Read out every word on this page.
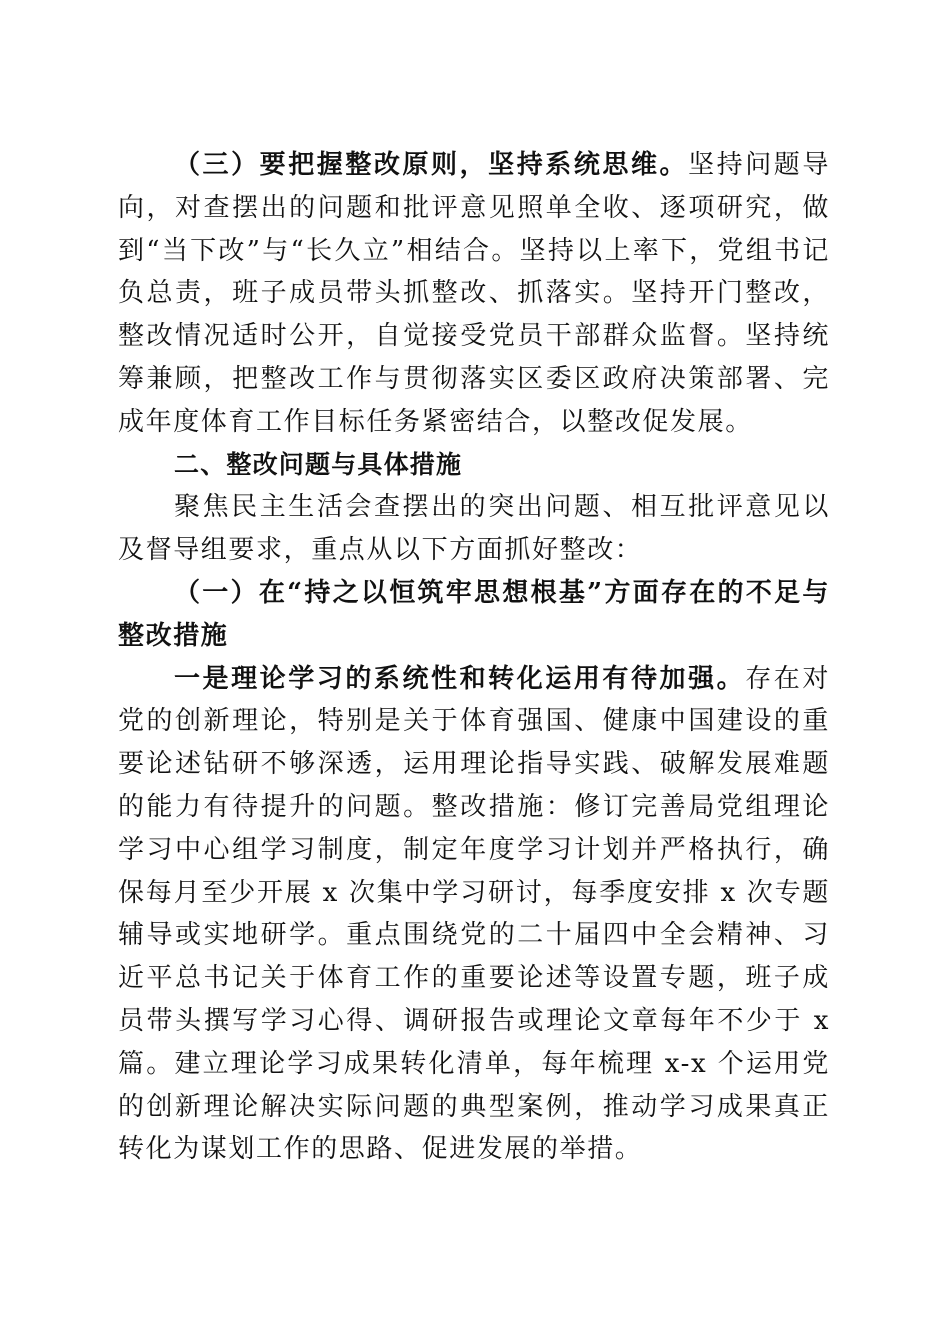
（三）要把握整改原则，坚持系统思维。坚持问题导向，对查摆出的问题和批评意见照单全收、逐项研究，做到“当下改”与“长久立”相结合。坚持以上率下，党组书记负总责，班子成员带头抓整改、抓落实。坚持开门整改，整改情况适时公开，自觉接受党员干部群众监督。坚持统筹兼顾，把整改工作与贯彻落实区委区政府决策部署、完成年度体育工作目标任务紧密结合，以整改促发展。

二、整改问题与具体措施

聚焦民主生活会查摆出的突出问题、相互批评意见以及督导组要求，重点从以下方面抓好整改：

（一）在“持之以恒筑牢思想根基”方面存在的不足与整改措施

一是理论学习的系统性和转化运用有待加强。存在对党的创新理论，特别是关于体育强国、健康中国建设的重要论述钻研不够深透，运用理论指导实践、破解发展难题的能力有待提升的问题。整改措施：修订完善局党组理论学习中心组学习制度，制定年度学习计划并严格执行，确保每月至少开展 x 次集中学习研讨，每季度安排 x 次专题辅导或实地研学。重点围绕党的二十届四中全会精神、习近平总书记关于体育工作的重要论述等设置专题，班子成员带头撰写学习心得、调研报告或理论文章每年不少于 x 篇。建立理论学习成果转化清单，每年梳理 x-x 个运用党的创新理论解决实际问题的典型案例，推动学习成果真正转化为谋划工作的思路、促进发展的举措。
